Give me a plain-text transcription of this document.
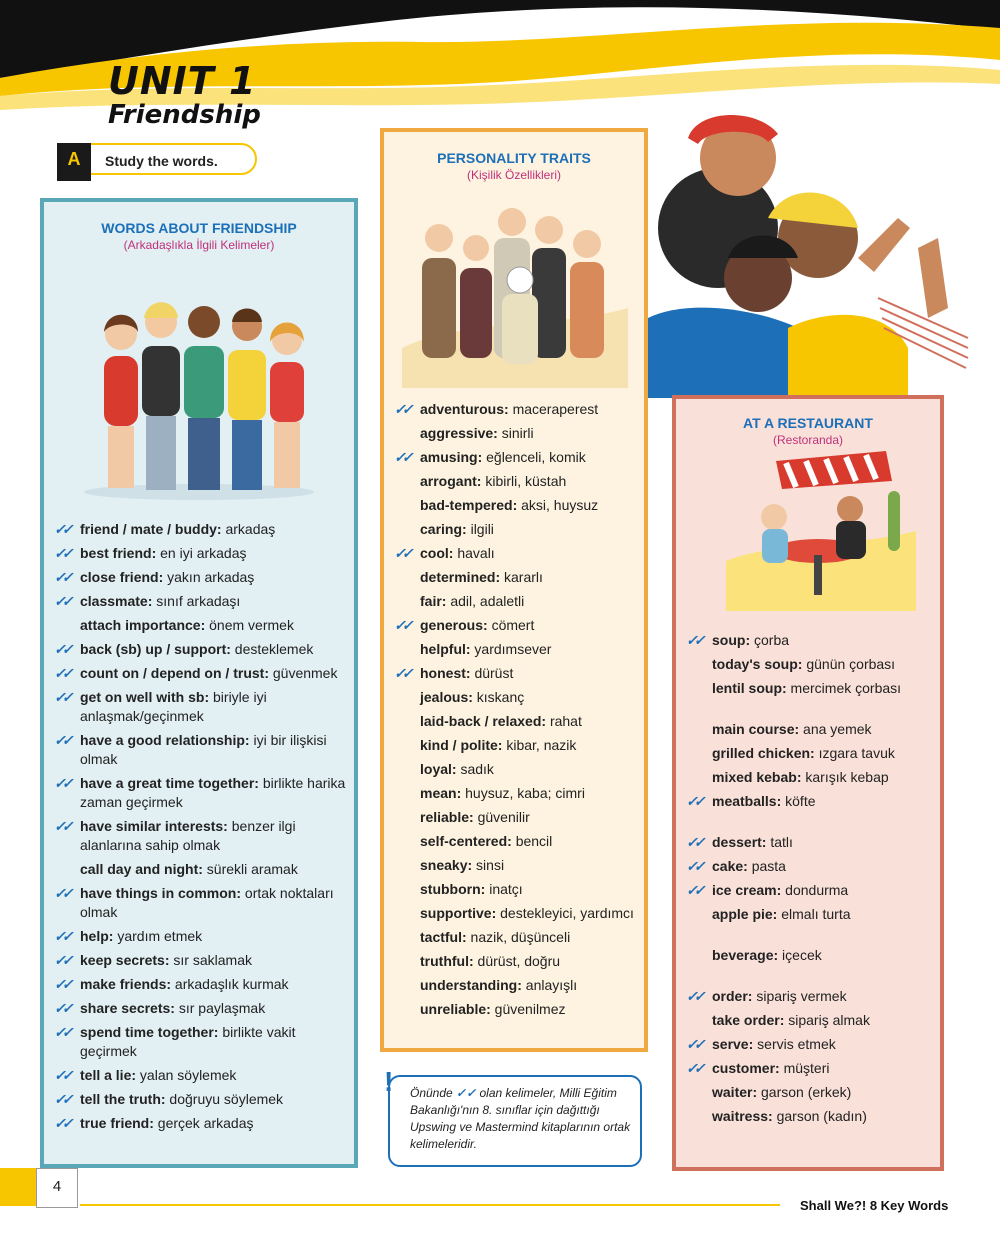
UNIT 1
Friendship
Study the words.
A
WORDS ABOUT FRIENDSHIP
(Arkadaşlıkla İlgili Kelimeler)
✓✓ friend / mate / buddy: arkadaş
✓✓ best friend: en iyi arkadaş
✓✓ close friend: yakın arkadaş
✓✓ classmate: sınıf arkadaşı
attach importance: önem vermek
✓✓ back (sb) up / support: desteklemek
✓✓ count on / depend on / trust: güvenmek
✓✓ get on well with sb: biriyle iyi anlaşmak/geçinmek
✓✓ have a good relationship: iyi bir ilişkisi olmak
✓✓ have a great time together: birlikte harika zaman geçirmek
✓✓ have similar interests: benzer ilgi alanlarına sahip olmak
call day and night: sürekli aramak
✓✓ have things in common: ortak noktaları olmak
✓✓ help: yardım etmek
✓✓ keep secrets: sır saklamak
✓✓ make friends: arkadaşlık kurmak
✓✓ share secrets: sır paylaşmak
✓✓ spend time together: birlikte vakit geçirmek
✓✓ tell a lie: yalan söylemek
✓✓ tell the truth: doğruyu söylemek
✓✓ true friend: gerçek arkadaş
PERSONALITY TRAITS
(Kişilik Özellikleri)
✓✓ adventurous: maceraperest
aggressive: sinirli
✓✓ amusing: eğlenceli, komik
arrogant: kibirli, küstah
bad-tempered: aksi, huysuz
caring: ilgili
✓✓ cool: havalı
determined: kararlı
fair: adil, adaletli
✓✓ generous: cömert
helpful: yardımsever
✓✓ honest: dürüst
jealous: kıskanç
laid-back / relaxed: rahat
kind / polite: kibar, nazik
loyal: sadık
mean: huysuz, kaba; cimri
reliable: güvenilir
self-centered: bencil
sneaky: sinsi
stubborn: inatçı
supportive: destekleyici, yardımcı
tactful: nazik, düşünceli
truthful: dürüst, doğru
understanding: anlayışlı
unreliable: güvenilmez
AT A RESTAURANT
(Restoranda)
✓✓ soup: çorba
today's soup: günün çorbası
lentil soup: mercimek çorbası
main course: ana yemek
grilled chicken: ızgara tavuk
mixed kebab: karışık kebap
✓✓ meatballs: köfte
✓✓ dessert: tatlı
✓✓ cake: pasta
✓✓ ice cream: dondurma
apple pie: elmalı turta
beverage: içecek
✓✓ order: sipariş vermek
take order: sipariş almak
✓✓ serve: servis etmek
✓✓ customer: müşteri
waiter: garson (erkek)
waitress: garson (kadın)
! Önünde ✓✓ olan kelimeler, Milli Eğitim Bakanlığı'nın 8. sınıflar için dağıttığı Upswing ve Mastermind kitaplarının ortak kelimeleridir.
4
Shall We?! 8 Key Words
